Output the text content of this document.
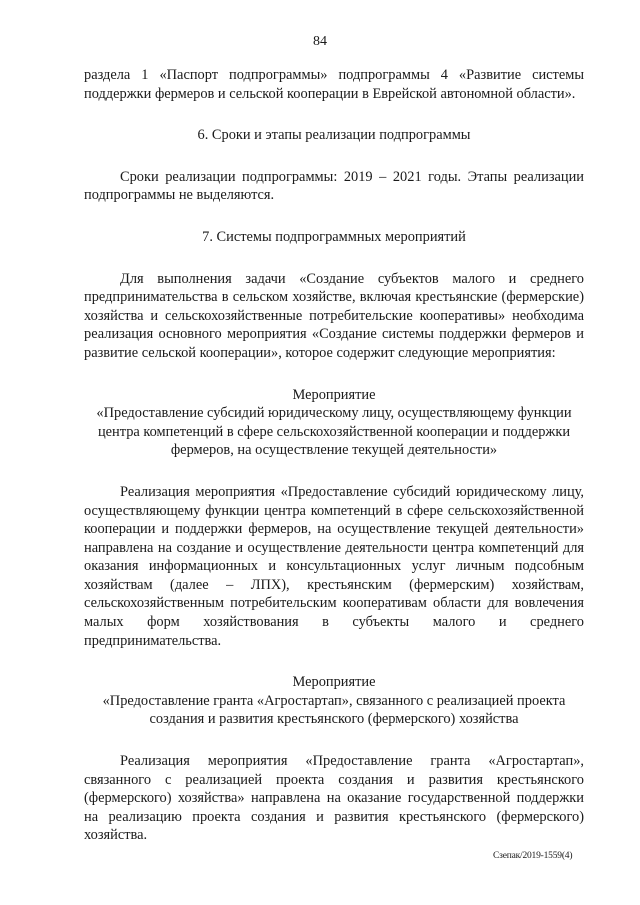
84

раздела 1 «Паспорт подпрограммы» подпрограммы 4 «Развитие системы поддержки фермеров и сельской кооперации в Еврейской автономной области».

6. Сроки и этапы реализации подпрограммы

Сроки реализации подпрограммы: 2019 – 2021 годы. Этапы реализации подпрограммы не выделяются.

7. Системы подпрограммных мероприятий

Для выполнения задачи «Создание субъектов малого и среднего предпринимательства в сельском хозяйстве, включая крестьянские (фермерские) хозяйства и сельскохозяйственные потребительские кооперативы» необходима реализация основного мероприятия «Создание системы поддержки фермеров и развитие сельской кооперации», которое содержит следующие мероприятия:

Мероприятие

«Предоставление субсидий юридическому лицу, осуществляющему функции центра компетенций в сфере сельскохозяйственной кооперации и поддержки фермеров, на осуществление текущей деятельности»

Реализация мероприятия «Предоставление субсидий юридическому лицу, осуществляющему функции центра компетенций в сфере сельскохозяйственной кооперации и поддержки фермеров, на осуществление текущей деятельности» направлена на создание и осуществление деятельности центра компетенций для оказания информационных и консультационных услуг личным подсобным хозяйствам (далее – ЛПХ), крестьянским (фермерским) хозяйствам, сельскохозяйственным потребительским кооперативам области для вовлечения малых форм хозяйствования в субъекты малого и среднего предпринимательства.

Мероприятие

«Предоставление гранта «Агростартап», связанного с реализацией проекта создания и развития крестьянского (фермерского) хозяйства

Реализация мероприятия «Предоставление гранта «Агростартап», связанного с реализацией проекта создания и развития крестьянского (фермерского) хозяйства» направлена на оказание государственной поддержки на реализацию проекта создания и развития крестьянского (фермерского) хозяйства.

Сзепак/2019-1559(4)
